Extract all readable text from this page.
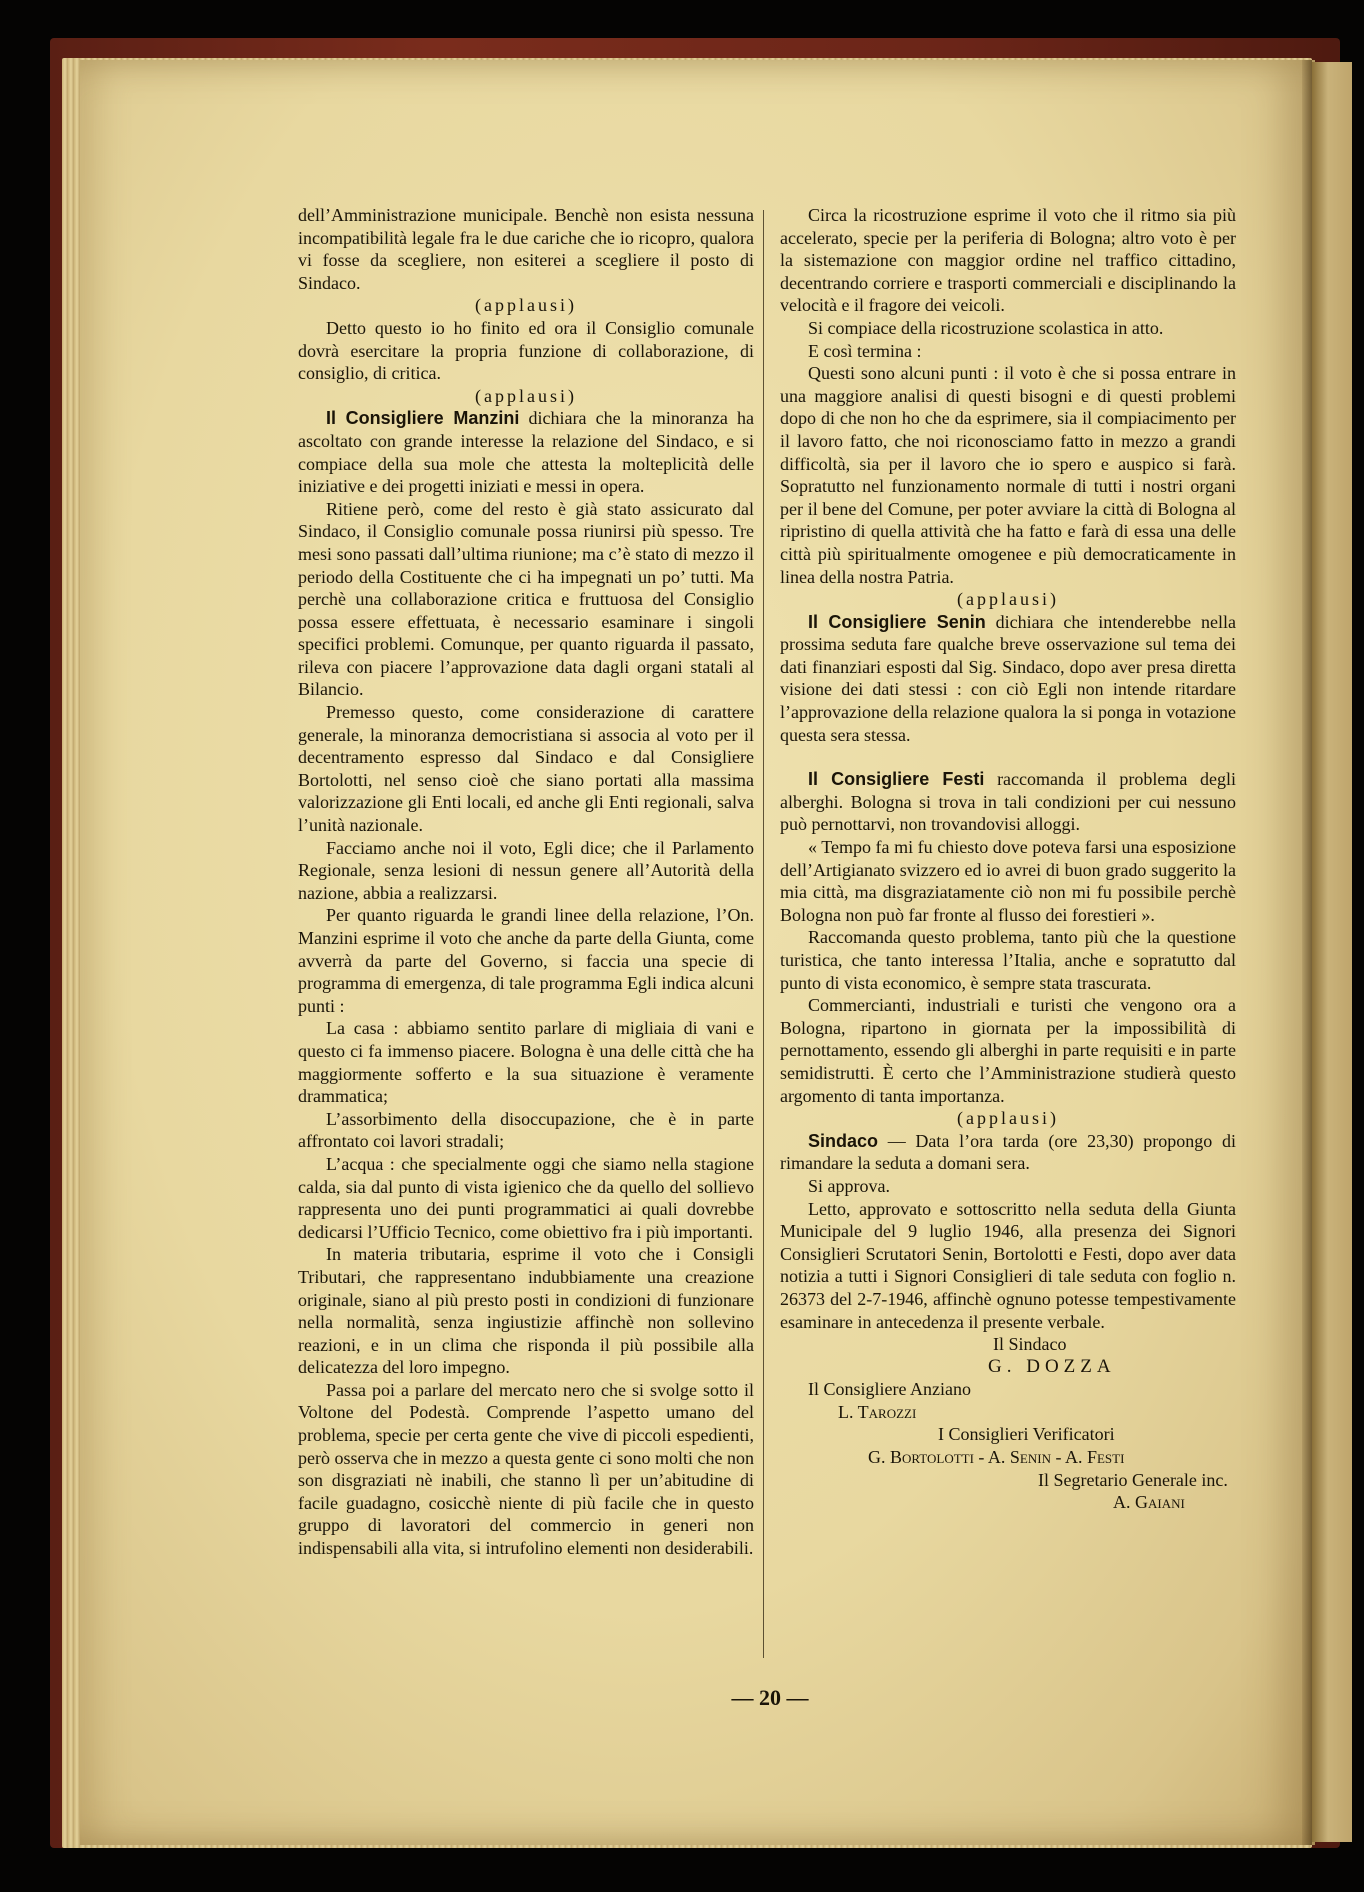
dell’Amministrazione municipale. Benchè non esista nessuna incompatibilità legale fra le due cariche che io ricopro, qualora vi fosse da scegliere, non esiterei a scegliere il posto di Sindaco.

(applausi)

Detto questo io ho finito ed ora il Consiglio comunale dovrà esercitare la propria funzione di collaborazione, di consiglio, di critica.

(applausi)

Il Consigliere Manzini dichiara che la minoranza ha ascoltato con grande interesse la relazione del Sindaco, e si compiace della sua mole che attesta la molteplicità delle iniziative e dei progetti iniziati e messi in opera.

Ritiene però, come del resto è già stato assicurato dal Sindaco, il Consiglio comunale possa riunirsi più spesso. Tre mesi sono passati dall’ultima riunione; ma c’è stato di mezzo il periodo della Costituente che ci ha impegnati un po’ tutti. Ma perchè una collaborazione critica e fruttuosa del Consiglio possa essere effettuata, è necessario esaminare i singoli specifici problemi. Comunque, per quanto riguarda il passato, rileva con piacere l’approvazione data dagli organi statali al Bilancio.

Premesso questo, come considerazione di carattere generale, la minoranza democristiana si associa al voto per il decentramento espresso dal Sindaco e dal Consigliere Bortolotti, nel senso cioè che siano portati alla massima valorizzazione gli Enti locali, ed anche gli Enti regionali, salva l’unità nazionale.

Facciamo anche noi il voto, Egli dice; che il Parlamento Regionale, senza lesioni di nessun genere all’Autorità della nazione, abbia a realizzarsi.

Per quanto riguarda le grandi linee della relazione, l’On. Manzini esprime il voto che anche da parte della Giunta, come avverrà da parte del Governo, si faccia una specie di programma di emergenza, di tale programma Egli indica alcuni punti :

La casa : abbiamo sentito parlare di migliaia di vani e questo ci fa immenso piacere. Bologna è una delle città che ha maggiormente sofferto e la sua situazione è veramente drammatica;

L’assorbimento della disoccupazione, che è in parte affrontato coi lavori stradali;

L’acqua : che specialmente oggi che siamo nella stagione calda, sia dal punto di vista igienico che da quello del sollievo rappresenta uno dei punti programmatici ai quali dovrebbe dedicarsi l’Ufficio Tecnico, come obiettivo fra i più importanti.

In materia tributaria, esprime il voto che i Consigli Tributari, che rappresentano indubbiamente una creazione originale, siano al più presto posti in condizioni di funzionare nella normalità, senza ingiustizie affinchè non sollevino reazioni, e in un clima che risponda il più possibile alla delicatezza del loro impegno.

Passa poi a parlare del mercato nero che si svolge sotto il Voltone del Podestà. Comprende l’aspetto umano del problema, specie per certa gente che vive di piccoli espedienti, però osserva che in mezzo a questa gente ci sono molti che non son disgraziati nè inabili, che stanno lì per un’abitudine di facile guadagno, cosicchè niente di più facile che in questo gruppo di lavoratori del commercio in generi non indispensabili alla vita, si intrufolino elementi non desiderabili.

Circa la ricostruzione esprime il voto che il ritmo sia più accelerato, specie per la periferia di Bologna; altro voto è per la sistemazione con maggior ordine nel traffico cittadino, decentrando corriere e trasporti commerciali e disciplinando la velocità e il fragore dei veicoli.

Si compiace della ricostruzione scolastica in atto.

E così termina :

Questi sono alcuni punti : il voto è che si possa entrare in una maggiore analisi di questi bisogni e di questi problemi dopo di che non ho che da esprimere, sia il compiacimento per il lavoro fatto, che noi riconosciamo fatto in mezzo a grandi difficoltà, sia per il lavoro che io spero e auspico si farà. Sopratutto nel funzionamento normale di tutti i nostri organi per il bene del Comune, per poter avviare la città di Bologna al ripristino di quella attività che ha fatto e farà di essa una delle città più spiritualmente omogenee e più democraticamente in linea della nostra Patria.

(applausi)

Il Consigliere Senin dichiara che intenderebbe nella prossima seduta fare qualche breve osservazione sul tema dei dati finanziari esposti dal Sig. Sindaco, dopo aver presa diretta visione dei dati stessi : con ciò Egli non intende ritardare l’approvazione della relazione qualora la si ponga in votazione questa sera stessa.

Il Consigliere Festi raccomanda il problema degli alberghi. Bologna si trova in tali condizioni per cui nessuno può pernottarvi, non trovandovisi alloggi.

« Tempo fa mi fu chiesto dove poteva farsi una esposizione dell’Artigianato svizzero ed io avrei di buon grado suggerito la mia città, ma disgraziatamente ciò non mi fu possibile perchè Bologna non può far fronte al flusso dei forestieri ».

Raccomanda questo problema, tanto più che la questione turistica, che tanto interessa l’Italia, anche e sopratutto dal punto di vista economico, è sempre stata trascurata.

Commercianti, industriali e turisti che vengono ora a Bologna, ripartono in giornata per la impossibilità di pernottamento, essendo gli alberghi in parte requisiti e in parte semidistrutti. È certo che l’Amministrazione studierà questo argomento di tanta importanza.

(applausi)

Sindaco — Data l’ora tarda (ore 23,30) propongo di rimandare la seduta a domani sera.

Si approva.

Letto, approvato e sottoscritto nella seduta della Giunta Municipale del 9 luglio 1946, alla presenza dei Signori Consiglieri Scrutatori Senin, Bortolotti e Festi, dopo aver data notizia a tutti i Signori Consiglieri di tale seduta con foglio n. 26373 del 2-7-1946, affinchè ognuno potesse tempestivamente esaminare in antecedenza il presente verbale.

Il Sindaco

G. DOZZA

Il Consigliere Anziano

L. Tarozzi

I Consiglieri Verificatori

G. Bortolotti - A. Senin - A. Festi

Il Segretario Generale inc.

A. Gaiani

— 20 —
